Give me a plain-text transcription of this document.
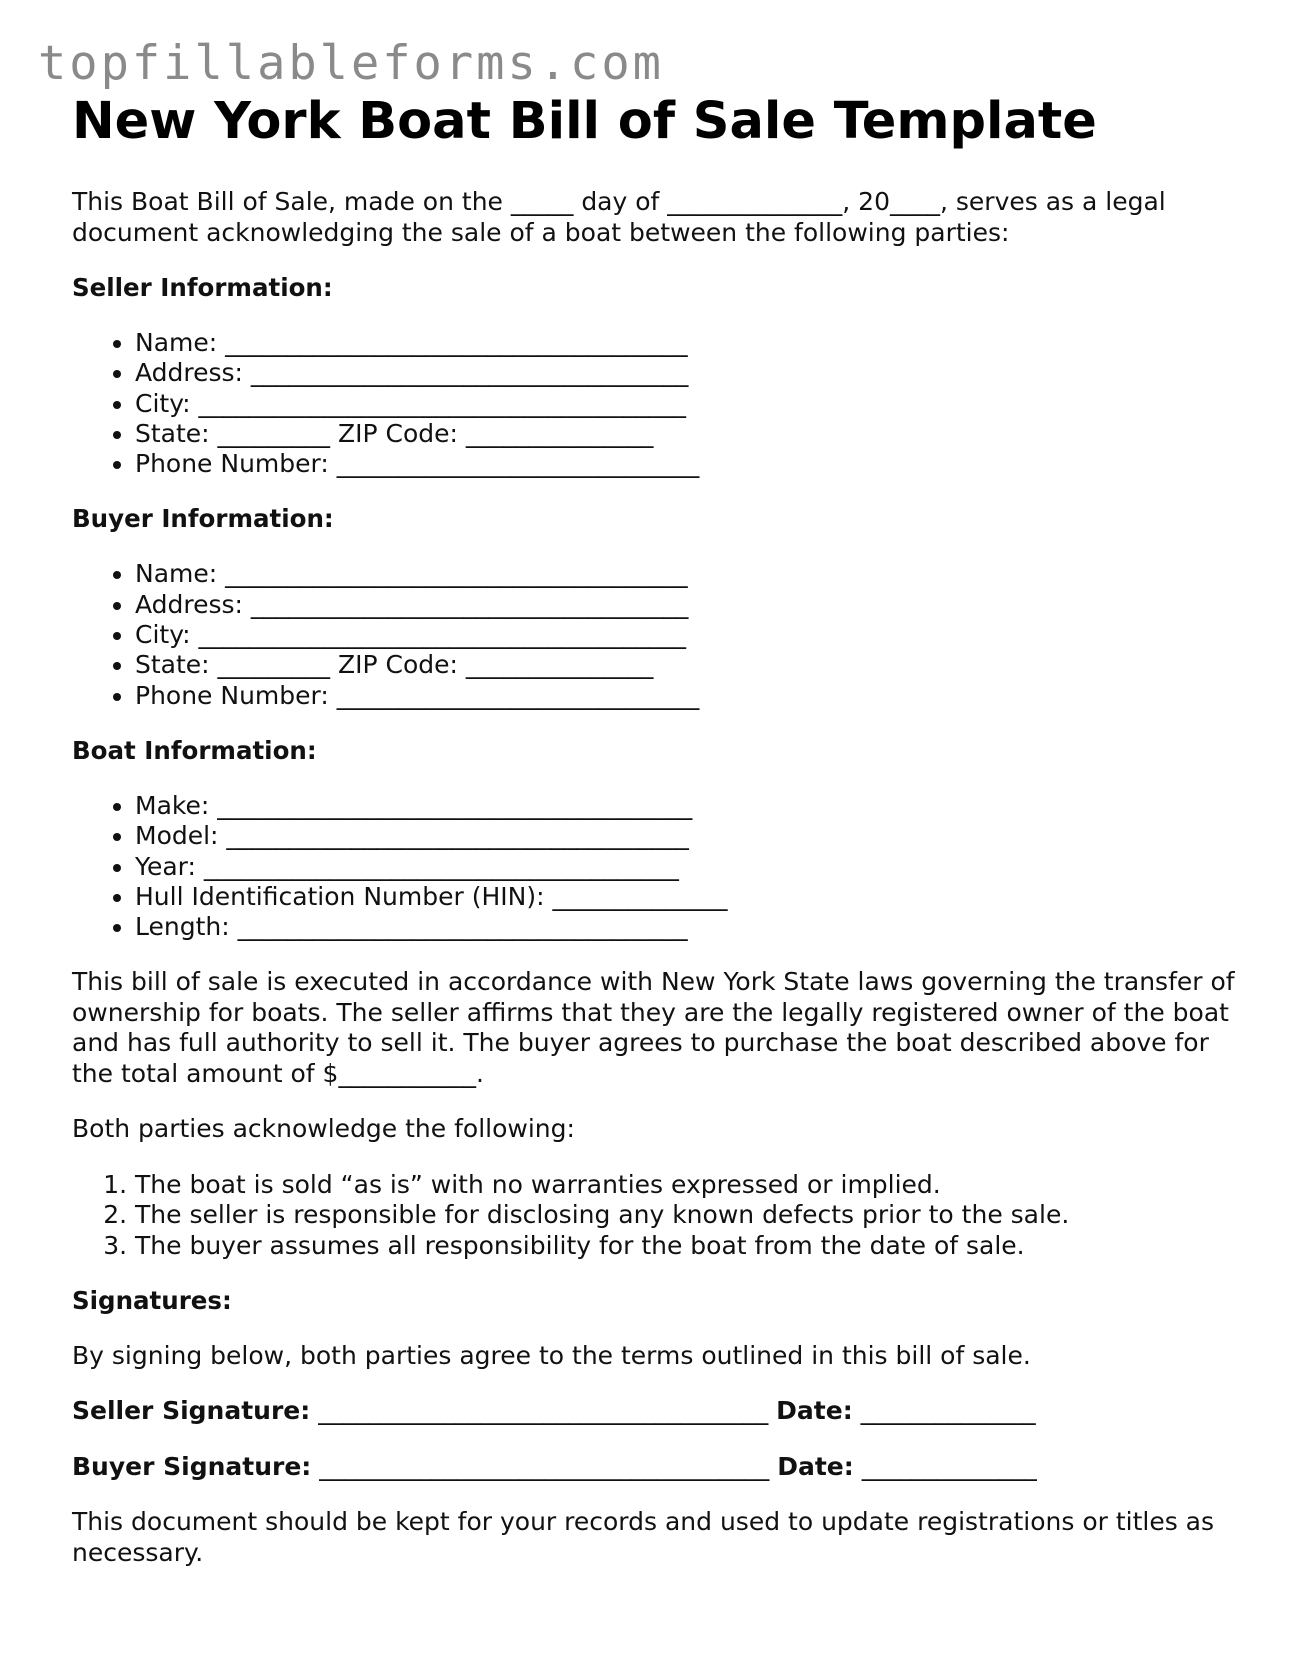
topfillableforms.com
New York Boat Bill of Sale Template

This Boat Bill of Sale, made on the _____ day of ______________, 20____, serves as a legal document acknowledging the sale of a boat between the following parties:

Seller Information:
• Name: _____________________________________
• Address: ___________________________________
• City: _______________________________________
• State: _________ ZIP Code: _______________
• Phone Number: _____________________________
Buyer Information:
• Name: _____________________________________
• Address: ___________________________________
• City: _______________________________________
• State: _________ ZIP Code: _______________
• Phone Number: _____________________________
Boat Information:
• Make: ______________________________________
• Model: _____________________________________
• Year: ______________________________________
• Hull Identification Number (HIN): ______________
• Length: ____________________________________

This bill of sale is executed in accordance with New York State laws governing the transfer of ownership for boats. The seller affirms that they are the legally registered owner of the boat and has full authority to sell it. The buyer agrees to purchase the boat described above for the total amount of $___________.

Both parties acknowledge the following:

1. The boat is sold “as is” with no warranties expressed or implied.
2. The seller is responsible for disclosing any known defects prior to the sale.
3. The buyer assumes all responsibility for the boat from the date of sale.
Signatures:

By signing below, both parties agree to the terms outlined in this bill of sale.

Seller Signature: ____________________________________ Date: ______________

Buyer Signature: ____________________________________ Date: ______________

This document should be kept for your records and used to update registrations or titles as necessary.
